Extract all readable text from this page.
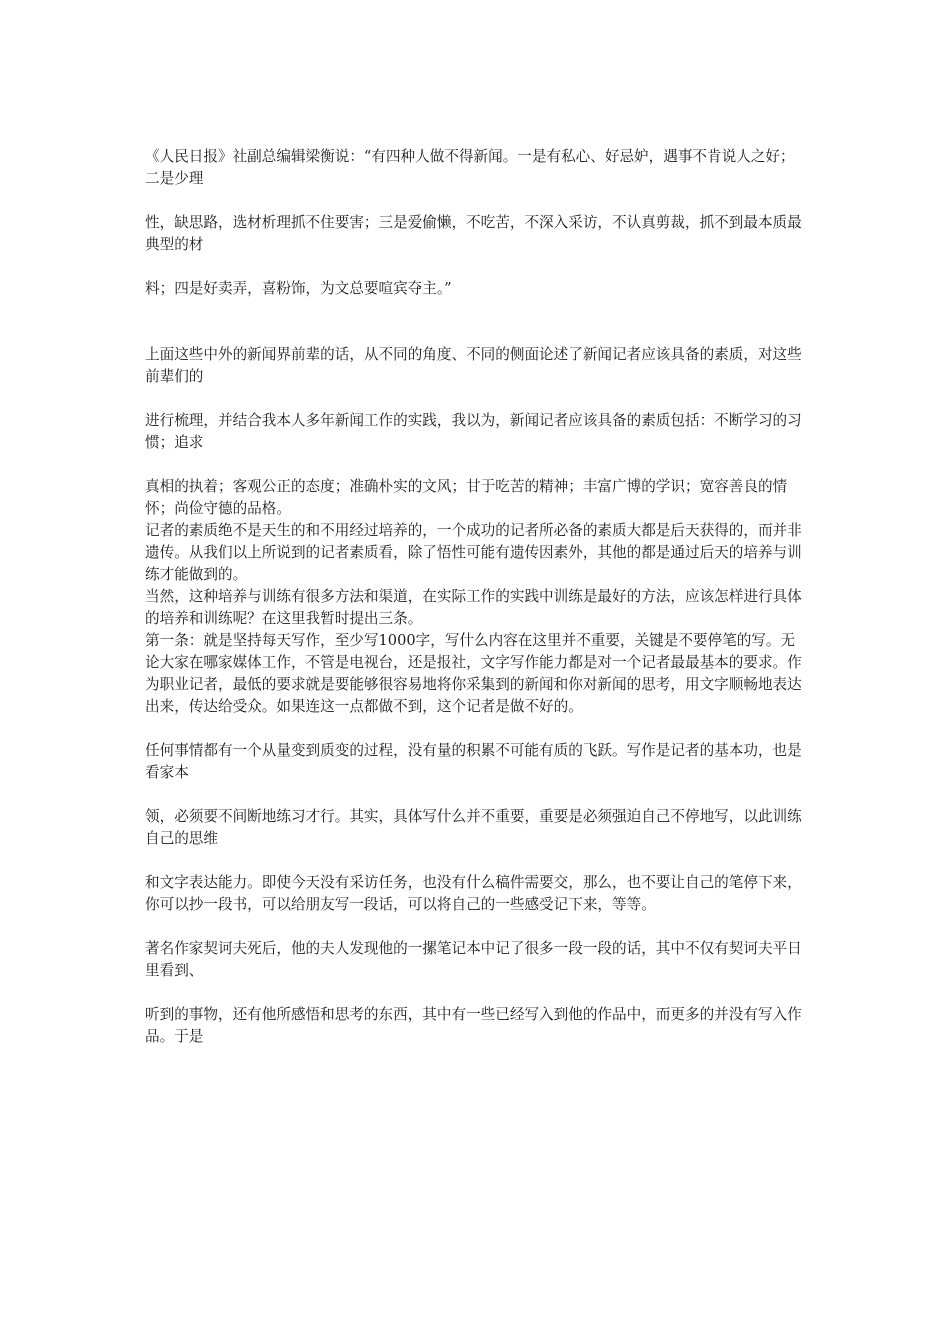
《人民日报》社副总编辑梁衡说：“有四种人做不得新闻。一是有私心、好忌妒，遇事不肯说人之好；二是少理

性，缺思路，选材析理抓不住要害；三是爱偷懒，不吃苦，不深入采访，不认真剪裁，抓不到最本质最典型的材

料；四是好卖弄，喜粉饰，为文总要喧宾夺主。”

上面这些中外的新闻界前辈的话，从不同的角度、不同的侧面论述了新闻记者应该具备的素质，对这些前辈们的

进行梳理，并结合我本人多年新闻工作的实践，我以为，新闻记者应该具备的素质包括：不断学习的习惯；追求

真相的执着；客观公正的态度；准确朴实的文风；甘于吃苦的精神；丰富广博的学识；宽容善良的情怀；尚俭守德的品格。

记者的素质绝不是天生的和不用经过培养的，一个成功的记者所必备的素质大都是后天获得的，而并非遗传。从我们以上所说到的记者素质看，除了悟性可能有遗传因素外，其他的都是通过后天的培养与训练才能做到的。

当然，这种培养与训练有很多方法和渠道，在实际工作的实践中训练是最好的方法，应该怎样进行具体的培养和训练呢？在这里我暂时提出三条。

第一条：就是坚持每天写作，至少写1000字，写什么内容在这里并不重要，关键是不要停笔的写。无论大家在哪家媒体工作，不管是电视台，还是报社，文字写作能力都是对一个记者最最基本的要求。作为职业记者，最低的要求就是要能够很容易地将你采集到的新闻和你对新闻的思考，用文字顺畅地表达出来，传达给受众。如果连这一点都做不到，这个记者是做不好的。

任何事情都有一个从量变到质变的过程，没有量的积累不可能有质的飞跃。写作是记者的基本功，也是看家本

领，必须要不间断地练习才行。其实，具体写什么并不重要，重要是必须强迫自己不停地写，以此训练自己的思维

和文字表达能力。即使今天没有采访任务，也没有什么稿件需要交，那么，也不要让自己的笔停下来，你可以抄一段书，可以给朋友写一段话，可以将自己的一些感受记下来，等等。

著名作家契诃夫死后，他的夫人发现他的一摞笔记本中记了很多一段一段的话，其中不仅有契诃夫平日里看到、

听到的事物，还有他所感悟和思考的东西，其中有一些已经写入到他的作品中，而更多的并没有写入作品。于是
